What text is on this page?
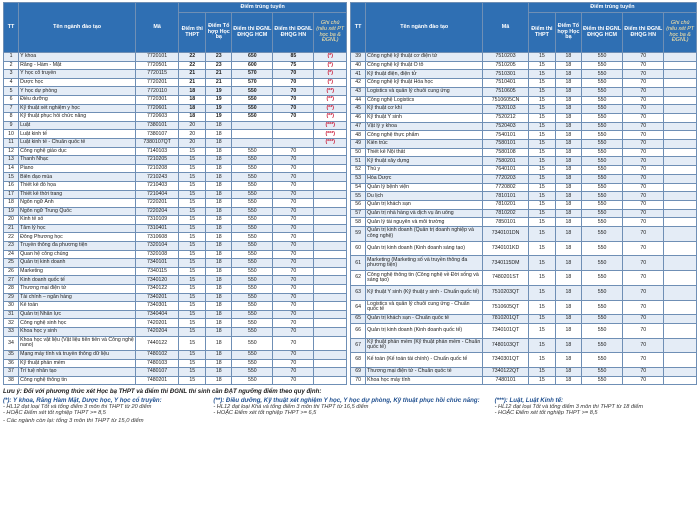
TT	Tên ngành đào tạo	Mã	Điểm trúng tuyển				
			Điểm thi THPT	Điểm Tổ hợp Học bạ	Điểm thi ĐGNL ĐHQG HCM	Điểm thi ĐGNL ĐHQG HN	Ghi chú (nếu xét PT học bạ & ĐGNL)
1	Y khoa	7720101	22	23	650	85	(*)
2	Răng - Hàm - Mặt	7720501	22	23	600	75	(*)
3	Y học cổ truyền	7720115	21	21	570	70	(*)
4	Dược học	7720201	21	21	570	70	(*)
5	Y học dự phòng	7720110	18	19	550	70	(**)
6	Điều dưỡng	7720301	18	19	550	70	(**)
7	Kỹ thuật xét nghiệm y học	7720601	18	19	550	70	(**)
8	Kỹ thuật phục hồi chức năng	7720603	18	19	550	70	(**)
9	Luật	7380101	20	18			(***)
10	Luật kinh tế	7380107	20	18			(***)
11	Luật kinh tế - Chuẩn quốc tế	7380107QT	20	18			(***)
12	Công nghệ giáo dục	7140103	15	18	550	70	
13	Thanh Nhạc	7210205	15	18	550	70	
14	Piano	7210208	15	18	550	70	
15	Biên đạo múa	7210243	15	18	550	70	
16	Thiết kế đồ họa	7210403	15	18	550	70	
17	Thiết kế thời trang	7210404	15	18	550	70	
18	Ngôn ngữ Anh	7220201	15	18	550	70	
19	Ngôn ngữ Trung Quốc	7220204	15	18	550	70	
20	Kinh tế số	7310109	15	18	550	70	
21	Tâm lý học	7310401	15	18	550	70	
22	Đông Phương học	7310608	15	18	550	70	
23	Truyền thông đa phương tiện	7320104	15	18	550	70	
24	Quan hệ công chúng	7320108	15	18	550	70	
25	Quản trị kinh doanh	7340101	15	18	550	70	
26	Marketing	7340115	15	18	550	70	
27	Kinh doanh quốc tế	7340120	15	18	550	70	
28	Thương mại điện tử	7340122	15	18	550	70	
29	Tài chính – ngân hàng	7340201	15	18	550	70	
30	Kế toán	7340301	15	18	550	70	
31	Quản trị Nhân lực	7340404	15	18	550	70	
32	Công nghệ sinh học	7420201	15	18	550	70	
33	Khoa học y sinh	7420204	15	18	550	70	
34	Khoa học vật liệu (Vật liệu tiên tiến và Công nghệ nano)	7440122	15	18	550	70	
35	Mạng máy tính và truyền thông dữ liệu	7480102	15	18	550	70	
36	Kỹ thuật phần mềm	7480103	15	18	550	70	
37	Trí tuệ nhân tạo	7480107	15	18	550	70	
38	Công nghệ thông tin	7480201	15	18	550	70	
TT	Tên ngành đào tạo	Mã	Điểm trúng tuyển				
			Điểm thi THPT	Điểm Tổ hợp Học bạ	Điểm thi ĐGNL ĐHQG HCM	Điểm thi ĐGNL ĐHQG HN	Ghi chú (nếu xét PT học bạ & ĐGNL)
39	Công nghệ kỹ thuật cơ điện tử	7510203	15	18	550	70	
40	Công nghệ kỹ thuật Ô tô	7510205	15	18	550	70	
41	Kỹ thuật điện, điện tử	7510301	15	18	550	70	
42	Công nghệ kỹ thuật Hóa học	7510401	15	18	550	70	
43	Logistics và quản lý chuỗi cung ứng	7510605	15	18	550	70	
44	Công nghệ Logistics	7510605CN	15	18	550	70	
45	Kỹ thuật cơ khí	7520103	15	18	550	70	
46	Kỹ thuật Y sinh	7520212	15	18	550	70	
47	Vật lý y khoa	7520403	15	18	550	70	
48	Công nghệ thực phẩm	7540101	15	18	550	70	
49	Kiến trúc	7580101	15	18	550	70	
50	Thiết kế Nội thất	7580108	15	18	550	70	
51	Kỹ thuật xây dựng	7580201	15	18	550	70	
52	Thú y	7640101	15	18	550	70	
53	Hóa Dược	7720203	15	18	550	70	
54	Quản lý bệnh viện	7720802	15	18	550	70	
55	Du lịch	7810101	15	18	550	70	
56	Quản trị khách sạn	7810201	15	18	550	70	
57	Quản trị nhà hàng và dịch vụ ăn uống	7810202	15	18	550	70	
58	Quản lý tài nguyên và môi trường	7850101	15	18	550	70	
59	Quản trị kinh doanh (Quản trị doanh nghiệp và công nghệ)	7340101DN	15	18	550	70	
60	Quản trị kinh doanh (Kinh doanh sáng tạo)	7340101KD	15	18	550	70	
61	Marketing (Marketing số và truyền thông đa phương tiện)	7340115DM	15	18	550	70	
62	Công nghệ thông tin (Công nghệ về Đời sống và sáng tạo)	7480201ST	15	18	550	70	
63	Kỹ thuật Y sinh (Kỹ thuật y sinh - Chuẩn quốc tế)	7510203QT	15	18	550	70	
64	Logistics và quản lý chuỗi cung ứng - Chuẩn quốc tế	7510605QT	15	18	550	70	
65	Quản trị khách sạn - Chuẩn quốc tế	7810201QT	15	18	550	70	
66	Quản trị kinh doanh (Kinh doanh quốc tế)	7340101QT	15	18	550	70	
67	Kỹ thuật phần mềm (Kỹ thuật phần mềm - Chuẩn quốc tế)	7480103QT	15	18	550	70	
68	Kế toán (Kế toán tài chính) - Chuẩn quốc tế	7340301QT	15	18	550	70	
69	Thương mại điện tử - Chuẩn quốc tế	7340122QT	15	18	550	70	
70	Khoa học máy tính	7480101	15	18	550	70	
Lưu ý: Đối với phương thức xét Học bạ THPT và điểm thi ĐGNL thí sinh cần ĐẠT ngưỡng điểm theo quy định:
(*): Y khoa, Răng Hàm Mặt, Dược học, Y học cổ truyền:
- HL12 đạt loại Tốt và tổng điểm 3 môn thi THPT từ 20 điểm
- HOẶC Điểm xét tốt nghiệp THPT >= 8,5
(**): Điều dưỡng, Kỹ thuật xét nghiệm Y học, Y học dự phòng, Kỹ thuật phục hồi chức năng:
- HL12 đạt loại Khá và tổng điểm 3 môn thi THPT từ 16,5 điểm
- HOẶC Điểm xét tốt nghiệp THPT >= 6,5
(***): Luật, Luật Kinh tế:
- HL12 đạt loại Tốt và tổng điểm 3 môn thi THPT từ 18 điểm
- HOẶC Điểm xét tốt nghiệp THPT >= 8,5
- Các ngành còn lại: tổng 3 môn thi THPT từ 15,0 điểm
